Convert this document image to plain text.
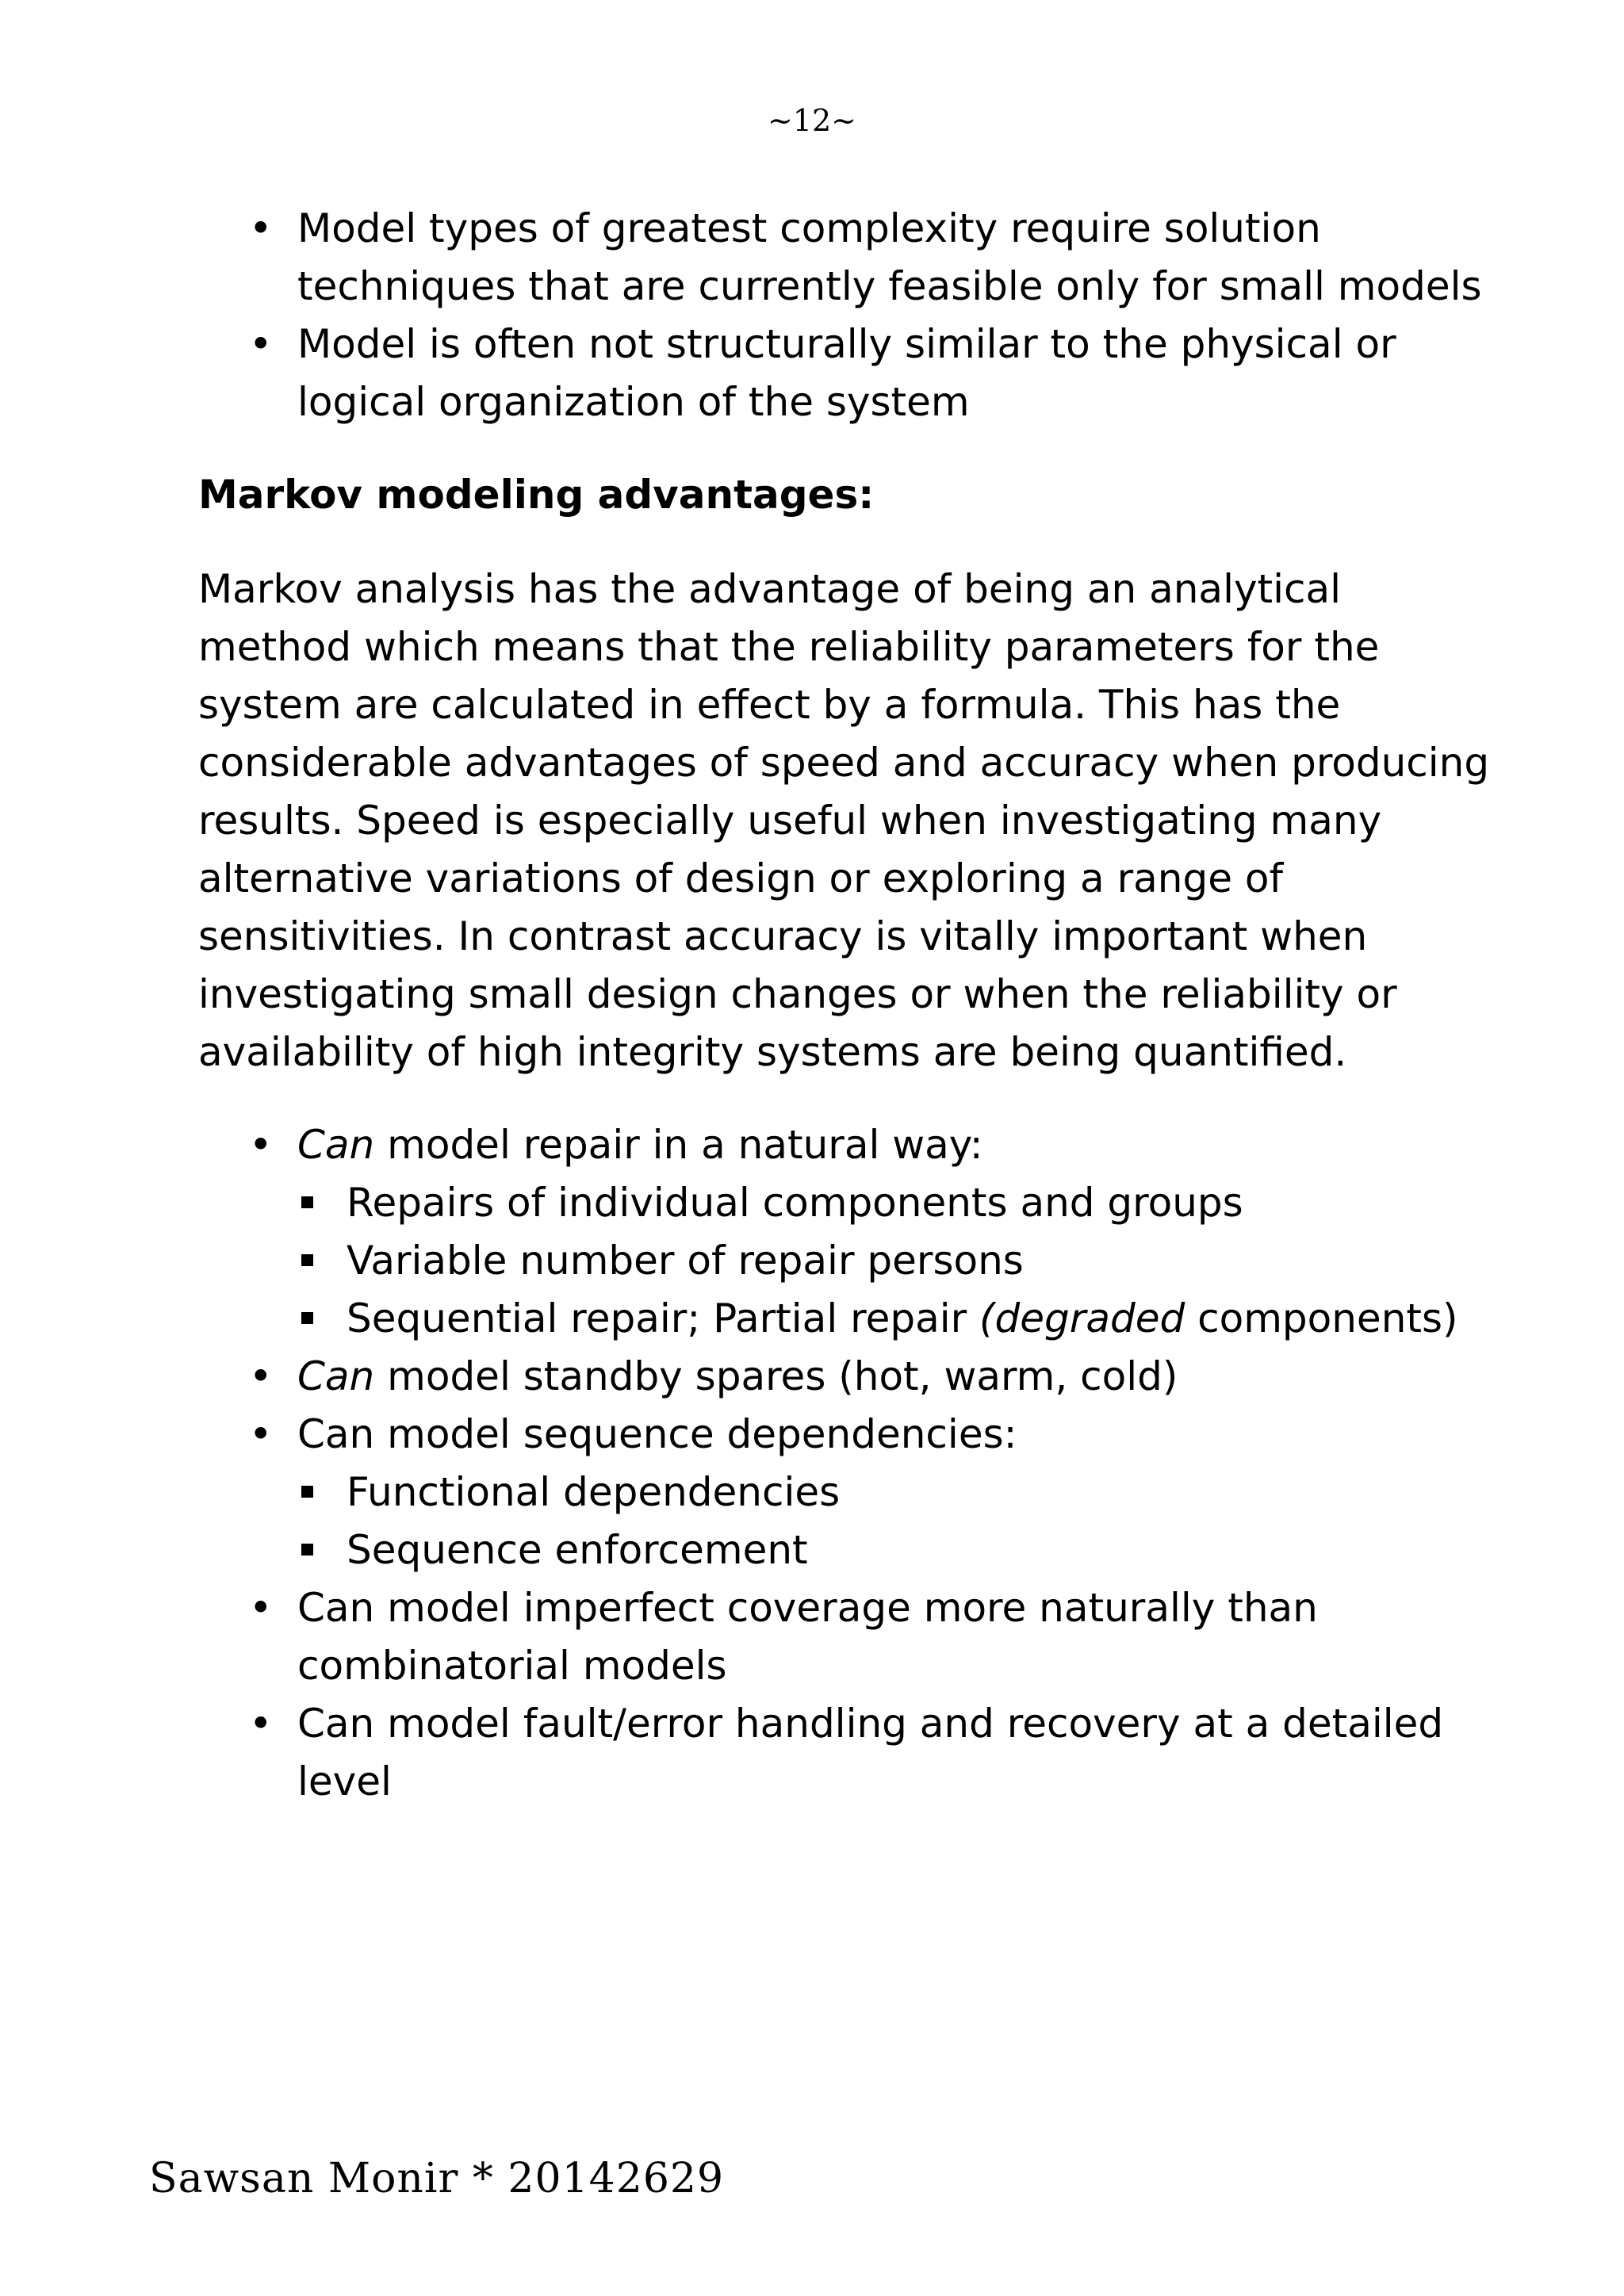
~12~
• Model types of greatest complexity require solution techniques that are currently feasible only for small models
• Model is often not structurally similar to the physical or logical organization of the system
Markov modeling advantages:

Markov analysis has the advantage of being an analytical method which means that the reliability parameters for the system are calculated in effect by a formula. This has the considerable advantages of speed and accuracy when producing results. Speed is especially useful when investigating many alternative variations of design or exploring a range of sensitivities. In contrast accuracy is vitally important when investigating small design changes or when the reliability or availability of high integrity systems are being quantified.

• Can model repair in a natural way:
Repairs of individual components and groups
Variable number of repair persons
Sequential repair; Partial repair (degraded components)
• Can model standby spares (hot, warm, cold)
• Can model sequence dependencies:
Functional dependencies
Sequence enforcement
• Can model imperfect coverage more naturally than combinatorial models
• Can model fault/error handling and recovery at a detailed level
Sawsan Monir * 20142629
